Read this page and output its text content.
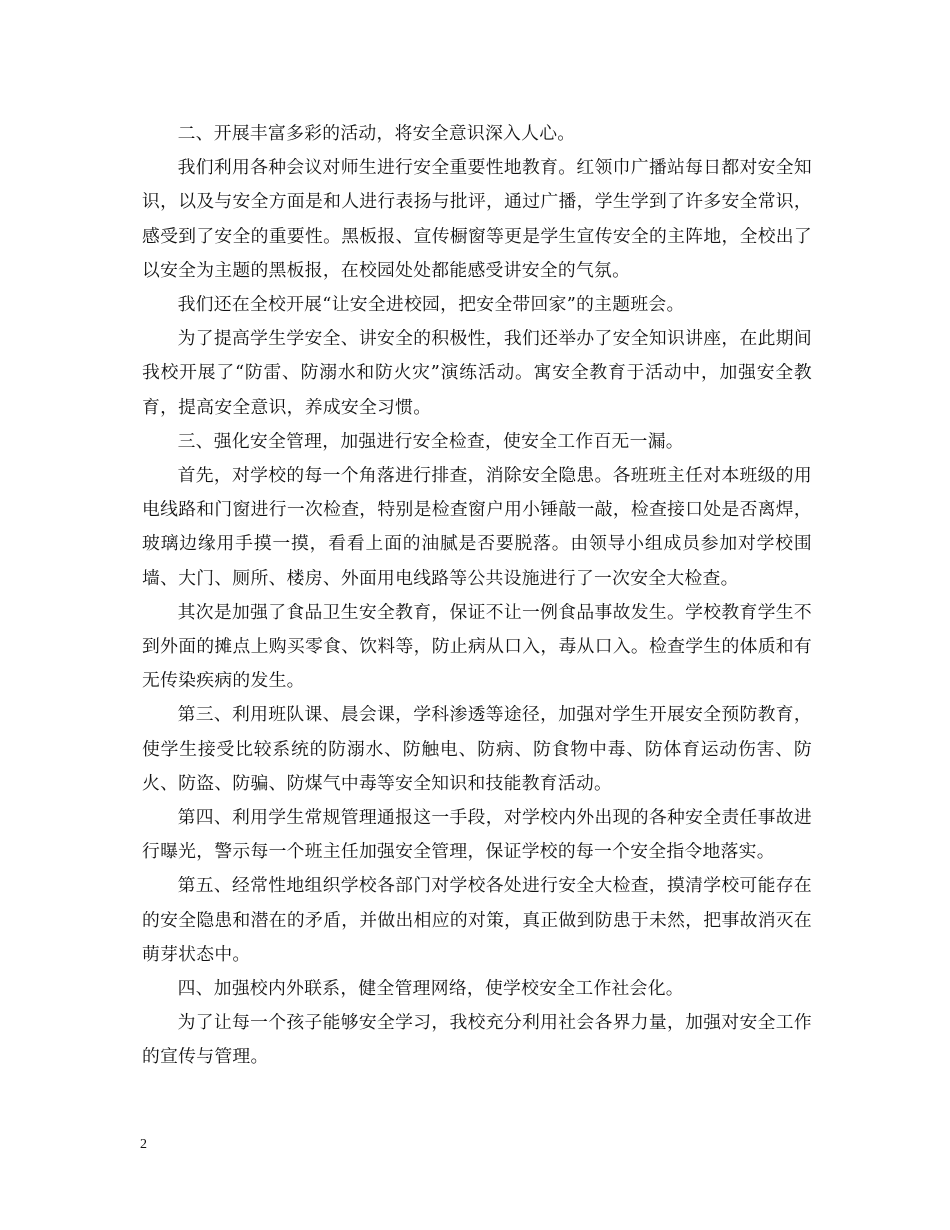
二、开展丰富多彩的活动，将安全意识深入人心。

我们利用各种会议对师生进行安全重要性地教育。红领巾广播站每日都对安全知识，以及与安全方面是和人进行表扬与批评，通过广播，学生学到了许多安全常识，感受到了安全的重要性。黑板报、宣传橱窗等更是学生宣传安全的主阵地，全校出了以安全为主题的黑板报，在校园处处都能感受讲安全的气氛。

我们还在全校开展“让安全进校园，把安全带回家”的主题班会。

为了提高学生学安全、讲安全的积极性，我们还举办了安全知识讲座，在此期间我校开展了“防雷、防溺水和防火灾”演练活动。寓安全教育于活动中，加强安全教育，提高安全意识，养成安全习惯。

三、强化安全管理，加强进行安全检查，使安全工作百无一漏。

首先，对学校的每一个角落进行排查，消除安全隐患。各班班主任对本班级的用电线路和门窗进行一次检查，特别是检查窗户用小锤敲一敲，检查接口处是否离焊，玻璃边缘用手摸一摸，看看上面的油腻是否要脱落。由领导小组成员参加对学校围墙、大门、厕所、楼房、外面用电线路等公共设施进行了一次安全大检查。

其次是加强了食品卫生安全教育，保证不让一例食品事故发生。学校教育学生不到外面的摊点上购买零食、饮料等，防止病从口入，毒从口入。检查学生的体质和有无传染疾病的发生。

第三、利用班队课、晨会课，学科渗透等途径，加强对学生开展安全预防教育，使学生接受比较系统的防溺水、防触电、防病、防食物中毒、防体育运动伤害、防火、防盗、防骗、防煤气中毒等安全知识和技能教育活动。

第四、利用学生常规管理通报这一手段，对学校内外出现的各种安全责任事故进行曝光，警示每一个班主任加强安全管理，保证学校的每一个安全指令地落实。

第五、经常性地组织学校各部门对学校各处进行安全大检查，摸清学校可能存在的安全隐患和潜在的矛盾，并做出相应的对策，真正做到防患于未然，把事故消灭在萌芽状态中。

四、加强校内外联系，健全管理网络，使学校安全工作社会化。

为了让每一个孩子能够安全学习，我校充分利用社会各界力量，加强对安全工作的宣传与管理。

2
